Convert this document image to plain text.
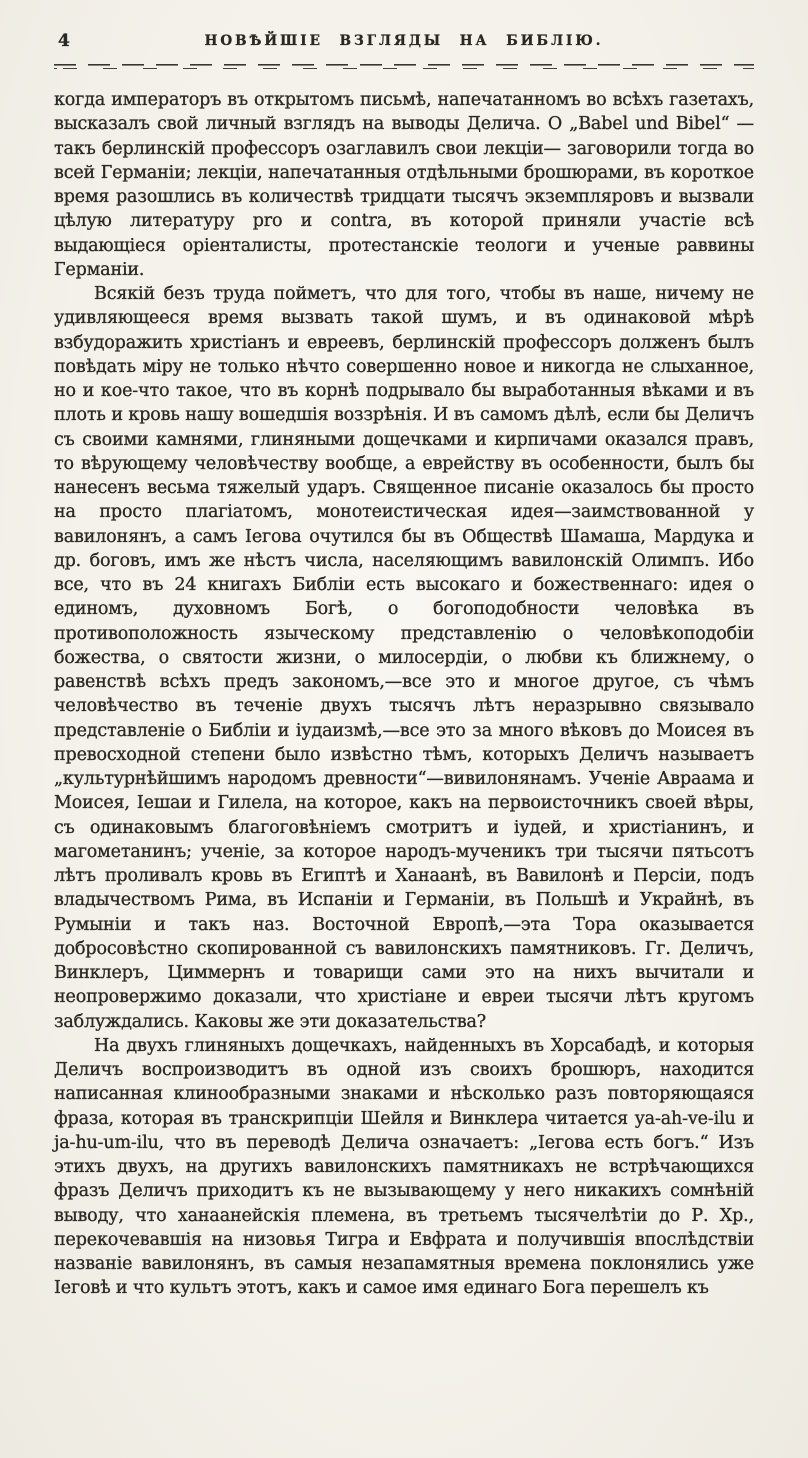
4	НОВѢЙШІЕ ВЗГЛЯДЫ НА БИБЛІЮ.

когда императоръ въ открытомъ письмѣ, напечатанномъ во всѣхъ газетахъ, высказалъ свой личный взглядъ на выводы Делича. О „Babel und Bibel“ —такъ берлинскій профессоръ озаглавилъ свои лекціи— заговорили тогда во всей Германіи; лекціи, напечатанныя отдѣльными брошюрами, въ короткое время разошлись въ количествѣ тридцати тысячъ экземпляровъ и вызвали цѣлую литературу pro и contra, въ которой приняли участіе всѣ выдающіеся оріенталисты, протестанскіе теологи и ученые раввины Германіи.

Всякій безъ труда пойметъ, что для того, чтобы въ наше, ничему не удивляющееся время вызвать такой шумъ, и въ одинаковой мѣрѣ взбудоражить христіанъ и евреевъ, берлинскій профессоръ долженъ былъ повѣдать міру не только нѣчто совершенно новое и никогда не слыханное, но и кое-что такое, что въ корнѣ подрывало бы выработанныя вѣками и въ плоть и кровь нашу вошедшія воззрѣнія. И въ самомъ дѣлѣ, если бы Деличъ съ своими камнями, глиняными дощечками и кирпичами оказался правъ, то вѣрующему человѣчеству вообще, а еврейству въ особенности, былъ бы нанесенъ весьма тяжелый ударъ. Священное писаніе оказалось бы просто на просто плагіатомъ, монотеистическая идея—заимствованной у вавилонянъ, а самъ Іегова очутился бы въ Обществѣ Шамаша, Мардука и др. боговъ, имъ же нѣстъ числа, населяющимъ вавилонскій Олимпъ. Ибо все, что въ 24 книгахъ Библіи есть высокаго и божественнаго: идея о единомъ, духовномъ Богѣ, о богоподобности человѣка въ противоположность языческому представленію о человѣкоподобіи божества, о святости жизни, о милосердіи, о любви къ ближнему, о равенствѣ всѣхъ предъ закономъ,—все это и многое другое, съ чѣмъ человѣчество въ теченіе двухъ тысячъ лѣтъ неразрывно связывало представленіе о Библіи и іудаизмѣ,—все это за много вѣковъ до Моисея въ превосходной степени было извѣстно тѣмъ, которыхъ Деличъ называетъ „культурнѣйшимъ народомъ древности“—вивилонянамъ. Ученіе Авраама и Моисея, Іешаи и Гилела, на которое, какъ на первоисточникъ своей вѣры, съ одинаковымъ благоговѣніемъ смотритъ и іудей, и христіанинъ, и магометанинъ; ученіе, за которое народъ-мученикъ три тысячи пятьсотъ лѣтъ проливалъ кровь въ Египтѣ и Ханаанѣ, въ Вавилонѣ и Персіи, подъ владычествомъ Рима, въ Испаніи и Германіи, въ Польшѣ и Украйнѣ, въ Румыніи и такъ наз. Восточной Европѣ,—эта Тора оказывается добросовѣстно скопированной съ вавилонскихъ памятниковъ. Гг. Деличъ, Винклеръ, Циммернъ и товарищи сами это на нихъ вычитали и неопровержимо доказали, что христіане и евреи тысячи лѣтъ кругомъ заблуждались. Каковы же эти доказательства?

На двухъ глиняныхъ дощечкахъ, найденныхъ въ Хорсабадѣ, и которыя Деличъ воспроизводитъ въ одной изъ своихъ брошюръ, находится написанная клинообразными знаками и нѣсколько разъ повторяющаяся фраза, которая въ транскрипціи Шейля и Винклера читается ya-ah-ve-ilu и ja-hu-um-ilu, что въ переводѣ Делича означаетъ: „Іегова есть богъ.“ Изъ этихъ двухъ, на другихъ вавилонскихъ памятникахъ не встрѣчающихся фразъ Деличъ приходитъ къ не вызывающему у него никакихъ сомнѣній выводу, что ханаанейскія племена, въ третьемъ тысячелѣтіи до Р. Хр., перекочевавшія на низовья Тигра и Евфрата и получившія впослѣдствіи названіе вавилонянъ, въ самыя незапамятныя времена поклонялись уже Іеговѣ и что культъ этотъ, какъ и самое имя единаго Бога перешелъ къ
